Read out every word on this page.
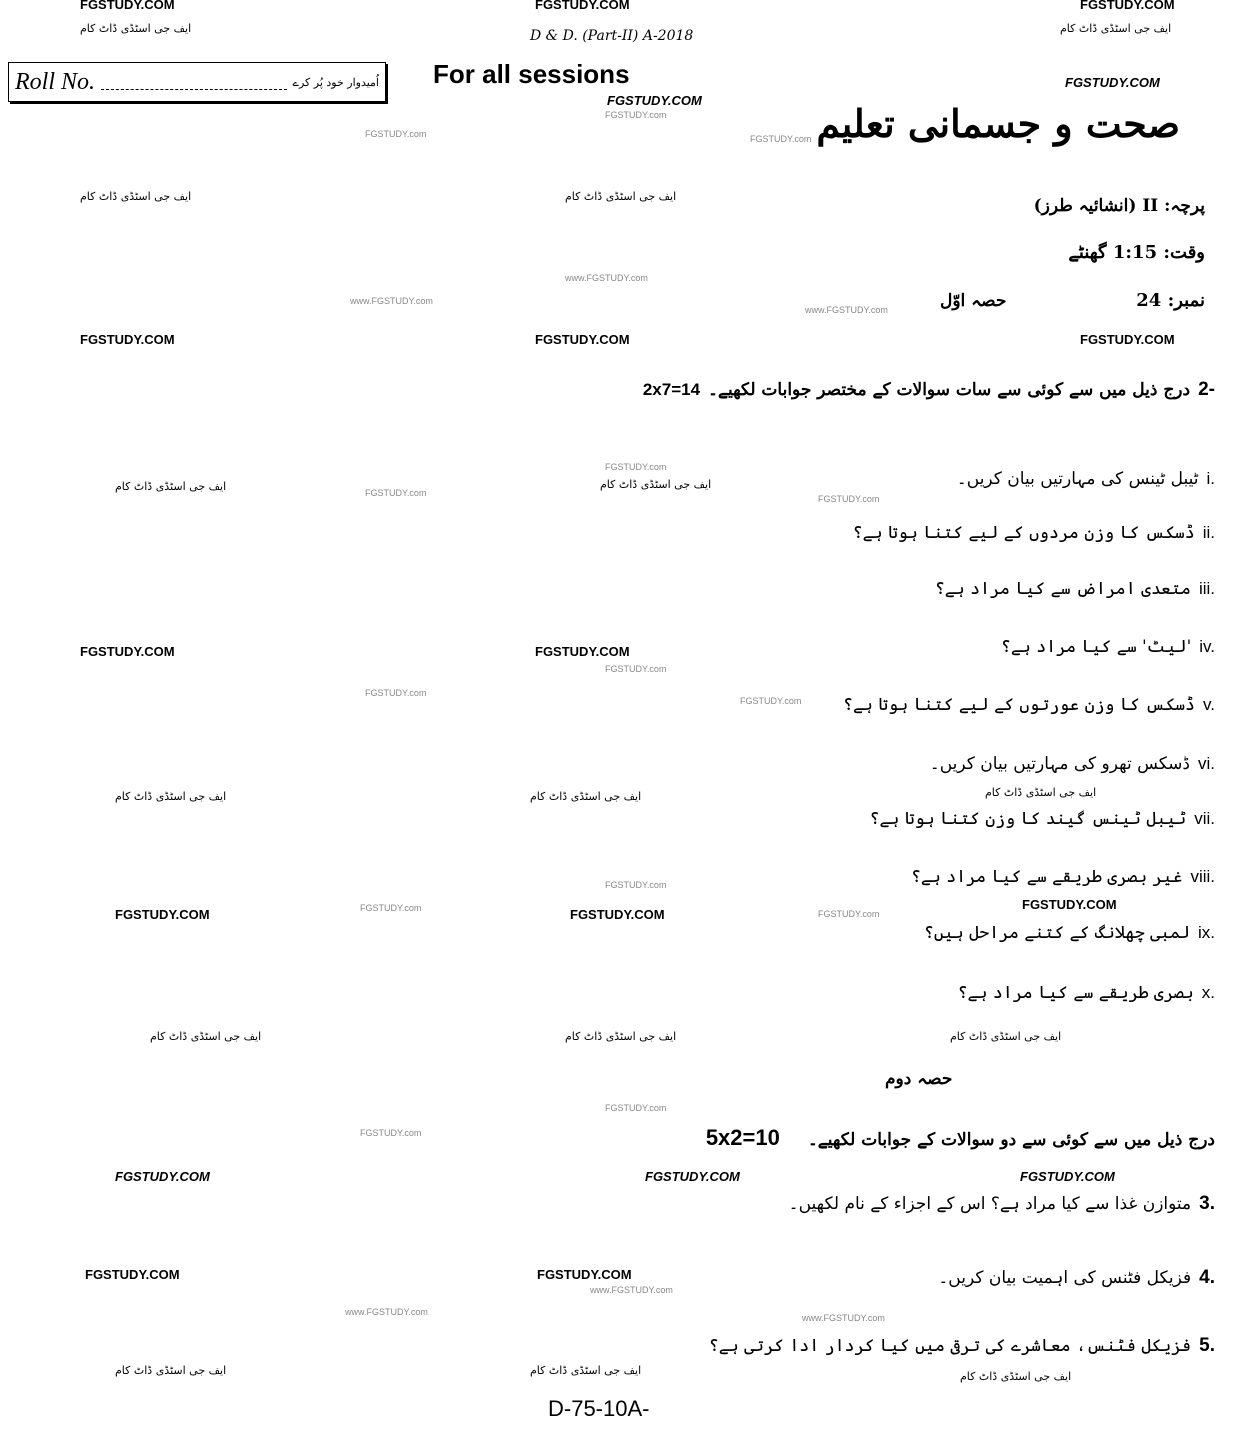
FGSTUDY.COM	FGSTUDY.COM	FGSTUDY.COM
FGSTUDY.COM
FGSTUDY.COM
FGSTUDY.COM	FGSTUDY.COM	FGSTUDY.COM
FGSTUDY.COM	FGSTUDY.COM
FGSTUDY.COM	FGSTUDY.COM
FGSTUDY.COM
FGSTUDY.COM	FGSTUDY.COM	FGSTUDY.COM
FGSTUDY.COM	FGSTUDY.COM
ایف جی اسٹڈی ڈاٹ کام	ایف جی اسٹڈی ڈاٹ کام
ایف جی اسٹڈی ڈاٹ کام	ایف جی اسٹڈی ڈاٹ کام
ایف جی اسٹڈی ڈاٹ کام	ایف جی اسٹڈی ڈاٹ کام
ایف جی اسٹڈی ڈاٹ کام	ایف جی اسٹڈی ڈاٹ کام	ایف جی اسٹڈی ڈاٹ کام
ایف جی اسٹڈی ڈاٹ کام	ایف جی اسٹڈی ڈاٹ کام	ایف جی اسٹڈی ڈاٹ کام
ایف جی اسٹڈی ڈاٹ کام	ایف جی اسٹڈی ڈاٹ کام	ایف جی اسٹڈی ڈاٹ کام
FGSTUDY.com
FGSTUDY.com	FGSTUDY.com
FGSTUDY.com
FGSTUDY.com
FGSTUDY.com
FGSTUDY.com
FGSTUDY.com
FGSTUDY.com
FGSTUDY.com
FGSTUDY.com
FGSTUDY.com
FGSTUDY.com
FGSTUDY.com
www.FGSTUDY.com
www.FGSTUDY.com
www.FGSTUDY.com
www.FGSTUDY.com
www.FGSTUDY.com
www.FGSTUDY.com
D & D. (Part-II) A-2018
Roll No.	اُمیدوار خود پُر کرے For all sessions
صحت و جسمانی تعلیم
پرچہ: II (انشائیہ طرز)
وقت: 1:15 گھنٹے
نمبر: 24
حصہ اوّل
2-
درج ذیل میں سے کوئی سے سات سوالات کے مختصر جوابات لکھیے۔
2x7=14
i.
ٹیبل ٹینس کی مہارتیں بیان کریں۔
ii.
ڈسکس کا وزن مردوں کے لیے کتنا ہوتا ہے؟
iii.
متعدی امراض سے کیا مراد ہے؟
iv.
'لیٹ' سے کیا مراد ہے؟
v.
ڈسکس کا وزن عورتوں کے لیے کتنا ہوتا ہے؟
vi.
ڈسکس تھرو کی مہارتیں بیان کریں۔
vii.
ٹیبل ٹینس گیند کا وزن کتنا ہوتا ہے؟
viii.
غیر بصری طریقے سے کیا مراد ہے؟
ix.
لمبی چھلانگ کے کتنے مراحل ہیں؟
x.
بصری طریقے سے کیا مراد ہے؟
حصہ دوم
درج ذیل میں سے کوئی سے دو سوالات کے جوابات لکھیے۔
5x2=10
3.
متوازن غذا سے کیا مراد ہے؟ اس کے اجزاء کے نام لکھیں۔
4.
فزیکل فٹنس کی اہمیت بیان کریں۔
5.
فزیکل فٹنس، معاشرے کی ترقی میں کیا کردار ادا کرتی ہے؟
D-75-10A-
